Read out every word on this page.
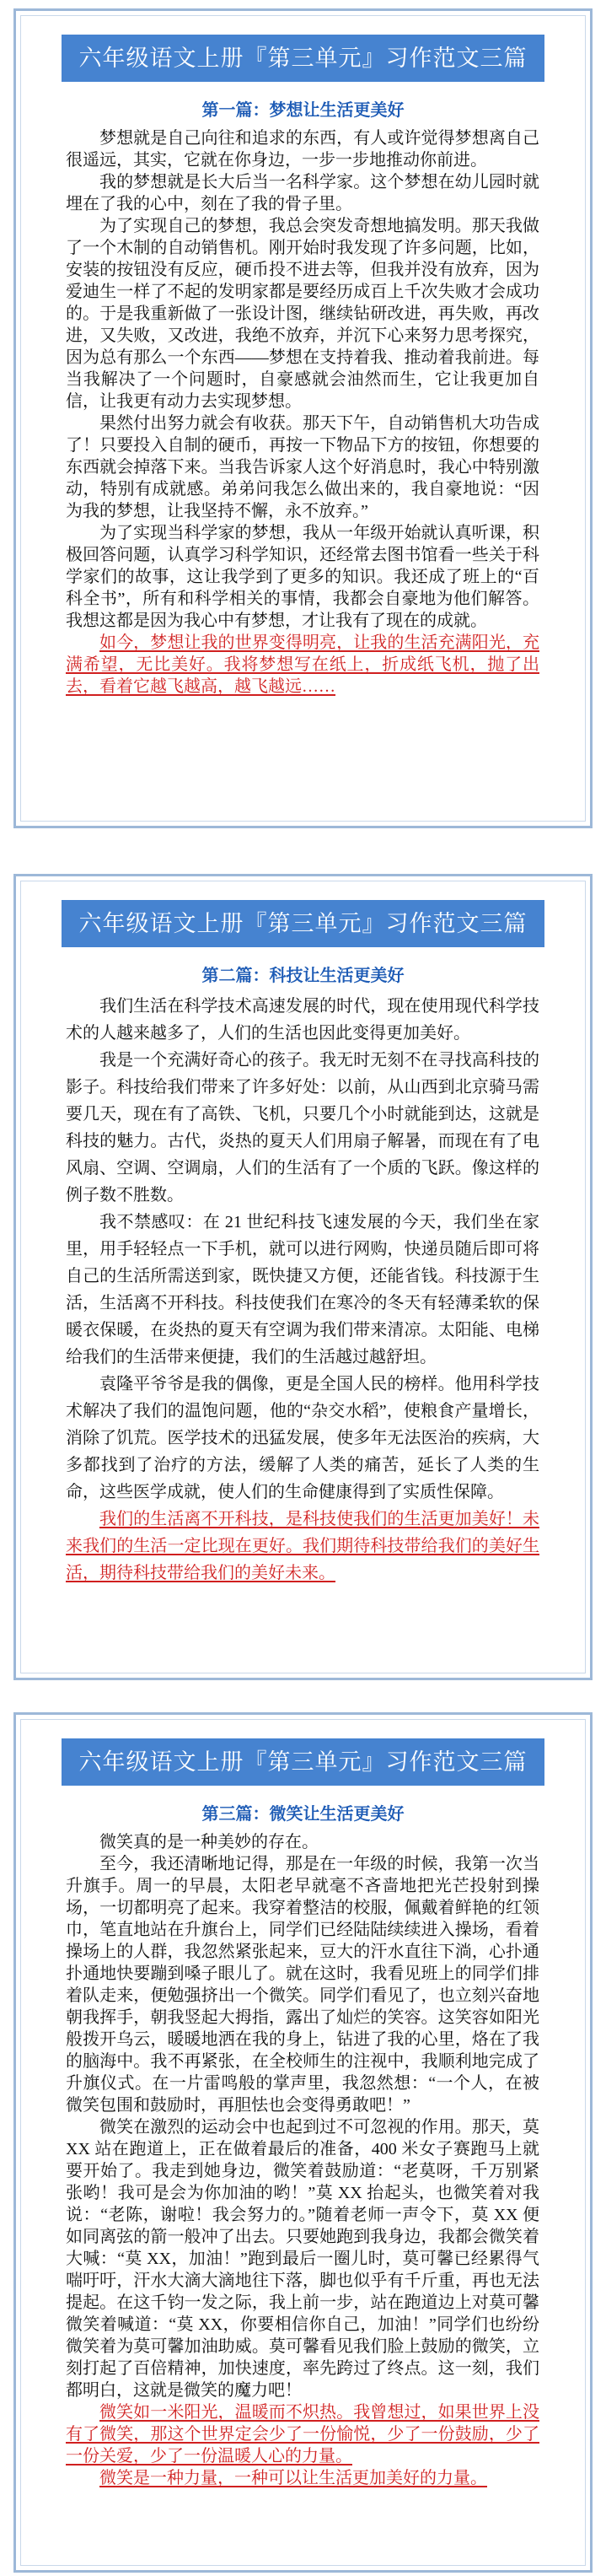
六年级语文上册『第三单元』习作范文三篇
第一篇：梦想让生活更美好

梦想就是自己向往和追求的东西，有人或许觉得梦想离自己很遥远，其实，它就在你身边，一步一步地推动你前进。

我的梦想就是长大后当一名科学家。这个梦想在幼儿园时就埋在了我的心中，刻在了我的骨子里。

为了实现自己的梦想，我总会突发奇想地搞发明。那天我做了一个木制的自动销售机。刚开始时我发现了许多问题，比如，安装的按钮没有反应，硬币投不进去等，但我并没有放弃，因为爱迪生一样了不起的发明家都是要经历成百上千次失败才会成功的。于是我重新做了一张设计图，继续钻研改进，再失败，再改进，又失败，又改进，我绝不放弃，并沉下心来努力思考探究，因为总有那么一个东西——梦想在支持着我、推动着我前进。每当我解决了一个问题时，自豪感就会油然而生，它让我更加自信，让我更有动力去实现梦想。

果然付出努力就会有收获。那天下午，自动销售机大功告成了！只要投入自制的硬币，再按一下物品下方的按钮，你想要的东西就会掉落下来。当我告诉家人这个好消息时，我心中特别激动，特别有成就感。弟弟问我怎么做出来的，我自豪地说：“因为我的梦想，让我坚持不懈，永不放弃。”

为了实现当科学家的梦想，我从一年级开始就认真听课，积极回答问题，认真学习科学知识，还经常去图书馆看一些关于科学家们的故事，这让我学到了更多的知识。我还成了班上的“百科全书”，所有和科学相关的事情，我都会自豪地为他们解答。我想这都是因为我心中有梦想，才让我有了现在的成就。

如今，梦想让我的世界变得明亮，让我的生活充满阳光，充满希望，无比美好。我将梦想写在纸上，折成纸飞机，抛了出去，看着它越飞越高，越飞越远……

六年级语文上册『第三单元』习作范文三篇
第二篇：科技让生活更美好

我们生活在科学技术高速发展的时代，现在使用现代科学技术的人越来越多了，人们的生活也因此变得更加美好。

我是一个充满好奇心的孩子。我无时无刻不在寻找高科技的影子。科技给我们带来了许多好处：以前，从山西到北京骑马需要几天，现在有了高铁、飞机，只要几个小时就能到达，这就是科技的魅力。古代，炎热的夏天人们用扇子解暑，而现在有了电风扇、空调、空调扇，人们的生活有了一个质的飞跃。像这样的例子数不胜数。

我不禁感叹：在 21 世纪科技飞速发展的今天，我们坐在家里，用手轻轻点一下手机，就可以进行网购，快递员随后即可将自己的生活所需送到家，既快捷又方便，还能省钱。科技源于生活，生活离不开科技。科技使我们在寒冷的冬天有轻薄柔软的保暖衣保暖，在炎热的夏天有空调为我们带来清凉。太阳能、电梯给我们的生活带来便捷，我们的生活越过越舒坦。

袁隆平爷爷是我的偶像，更是全国人民的榜样。他用科学技术解决了我们的温饱问题，他的“杂交水稻”，使粮食产量增长，消除了饥荒。医学技术的迅猛发展，使多年无法医治的疾病，大多都找到了治疗的方法，缓解了人类的痛苦，延长了人类的生命，这些医学成就，使人们的生命健康得到了实质性保障。

我们的生活离不开科技，是科技使我们的生活更加美好！未来我们的生活一定比现在更好。我们期待科技带给我们的美好生活，期待科技带给我们的美好未来。

六年级语文上册『第三单元』习作范文三篇
第三篇：微笑让生活更美好

微笑真的是一种美妙的存在。

至今，我还清晰地记得，那是在一年级的时候，我第一次当升旗手。周一的早晨，太阳老早就毫不吝啬地把光芒投射到操场，一切都明亮了起来。我穿着整洁的校服，佩戴着鲜艳的红领巾，笔直地站在升旗台上，同学们已经陆陆续续进入操场，看着操场上的人群，我忽然紧张起来，豆大的汗水直往下淌，心扑通扑通地快要蹦到嗓子眼儿了。就在这时，我看见班上的同学们排着队走来，便勉强挤出一个微笑。同学们看见了，也立刻兴奋地朝我挥手，朝我竖起大拇指，露出了灿烂的笑容。这笑容如阳光般拨开乌云，暖暖地洒在我的身上，钻进了我的心里，烙在了我的脑海中。我不再紧张，在全校师生的注视中，我顺利地完成了升旗仪式。在一片雷鸣般的掌声里，我忽然想：“一个人，在被微笑包围和鼓励时，再胆怯也会变得勇敢吧！”

微笑在激烈的运动会中也起到过不可忽视的作用。那天，莫 XX 站在跑道上，正在做着最后的准备，400 米女子赛跑马上就要开始了。我走到她身边，微笑着鼓励道：“老莫呀，千万别紧张哟！我可是会为你加油的哟！”莫 XX 抬起头，也微笑着对我说：“老陈，谢啦！我会努力的。”随着老师一声令下，莫 XX 便如同离弦的箭一般冲了出去。只要她跑到我身边，我都会微笑着大喊：“莫 XX，加油！”跑到最后一圈儿时，莫可馨已经累得气喘吁吁，汗水大滴大滴地往下落，脚也似乎有千斤重，再也无法提起。在这千钧一发之际，我上前一步，站在跑道边上对莫可馨微笑着喊道：“莫 XX，你要相信你自己，加油！”同学们也纷纷微笑着为莫可馨加油助威。莫可馨看见我们脸上鼓励的微笑，立刻打起了百倍精神，加快速度，率先跨过了终点。这一刻，我们都明白，这就是微笑的魔力吧！

微笑如一米阳光，温暖而不炽热。我曾想过，如果世界上没有了微笑，那这个世界定会少了一份愉悦，少了一份鼓励，少了一份关爱，少了一份温暖人心的力量。

微笑是一种力量，一种可以让生活更加美好的力量。
